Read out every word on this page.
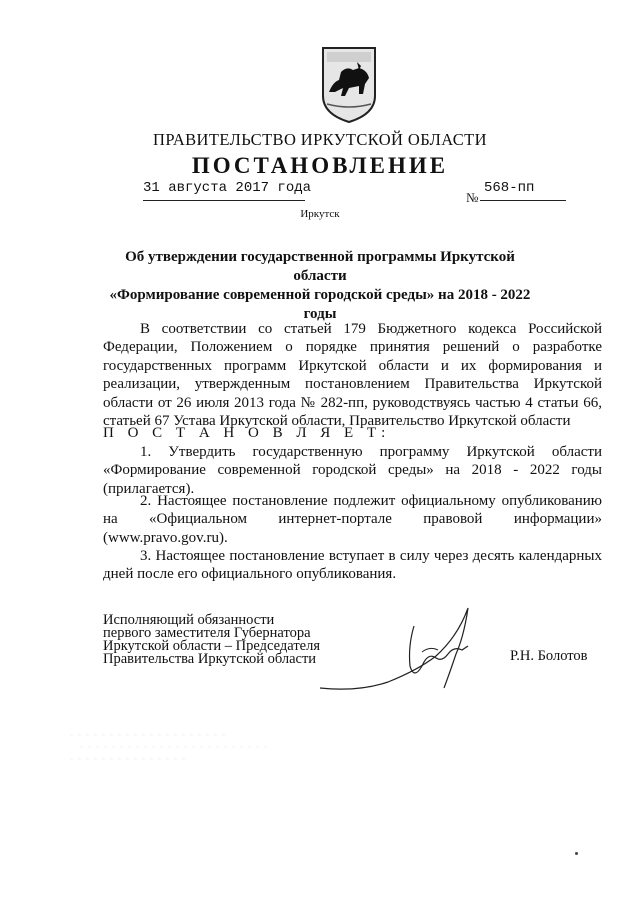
ПРАВИТЕЛЬСТВО ИРКУТСКОЙ ОБЛАСТИ
ПОСТАНОВЛЕНИЕ
31 августа 2017 года
№
568-пп
Иркутск
Об утверждении государственной программы Иркутской области
«Формирование современной городской среды» на 2018 - 2022 годы
В соответствии со статьей 179 Бюджетного кодекса Российской Федерации, Положением о порядке принятия решений о разработке государственных программ Иркутской области и их формирования и реализации, утвержденным постановлением Правительства Иркутской области от 26 июля 2013 года № 282-пп, руководствуясь частью 4 статьи 66, статьей 67 Устава Иркутской области, Правительство Иркутской области
П О С Т А Н О В Л Я Е Т:
1. Утвердить государственную программу Иркутской области «Формирование современной городской среды» на 2018 - 2022 годы (прилагается).
2. Настоящее постановление подлежит официальному опубликованию на «Официальном интернет-портале правовой информации» (www.pravo.gov.ru).
3. Настоящее постановление вступает в силу через десять календарных дней после его официального опубликования.
Исполняющий обязанности
первого заместителя Губернатора
Иркутской области – Председателя
Правительства Иркутской области	Р.Н. Болотов
